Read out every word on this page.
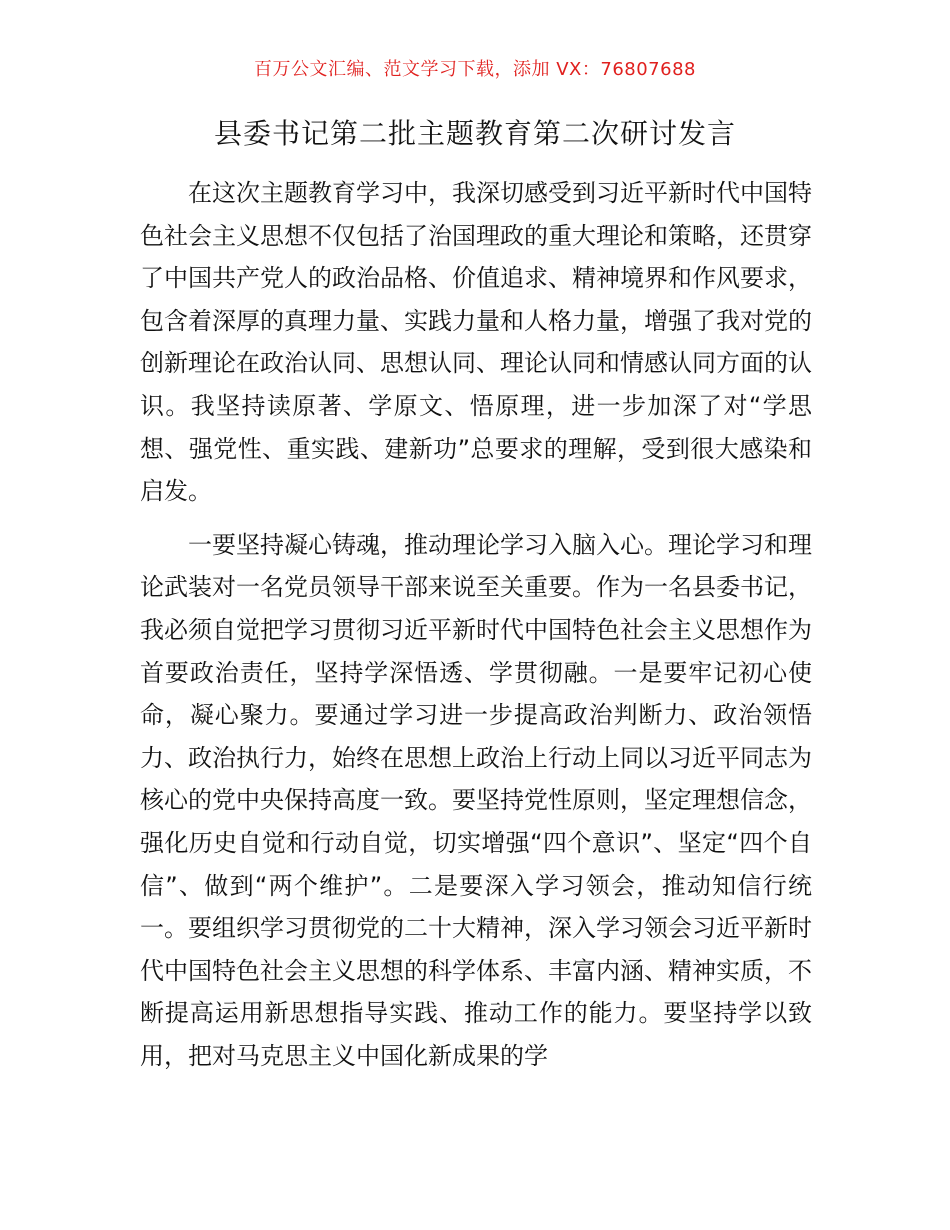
百万公文汇编、范文学习下载，添加 VX：76807688
县委书记第二批主题教育第二次研讨发言

在这次主题教育学习中，我深切感受到习近平新时代中国特色社会主义思想不仅包括了治国理政的重大理论和策略，还贯穿了中国共产党人的政治品格、价值追求、精神境界和作风要求，包含着深厚的真理力量、实践力量和人格力量，增强了我对党的创新理论在政治认同、思想认同、理论认同和情感认同方面的认识。我坚持读原著、学原文、悟原理，进一步加深了对“学思想、强党性、重实践、建新功”总要求的理解，受到很大感染和启发。

一要坚持凝心铸魂，推动理论学习入脑入心。理论学习和理论武装对一名党员领导干部来说至关重要。作为一名县委书记，我必须自觉把学习贯彻习近平新时代中国特色社会主义思想作为首要政治责任，坚持学深悟透、学贯彻融。一是要牢记初心使命，凝心聚力。要通过学习进一步提高政治判断力、政治领悟力、政治执行力，始终在思想上政治上行动上同以习近平同志为核心的党中央保持高度一致。要坚持党性原则，坚定理想信念，强化历史自觉和行动自觉，切实增强“四个意识”、坚定“四个自信”、做到“两个维护”。二是要深入学习领会，推动知信行统一。要组织学习贯彻党的二十大精神，深入学习领会习近平新时代中国特色社会主义思想的科学体系、丰富内涵、精神实质，不断提高运用新思想指导实践、推动工作的能力。要坚持学以致用，把对马克思主义中国化新成果的学
